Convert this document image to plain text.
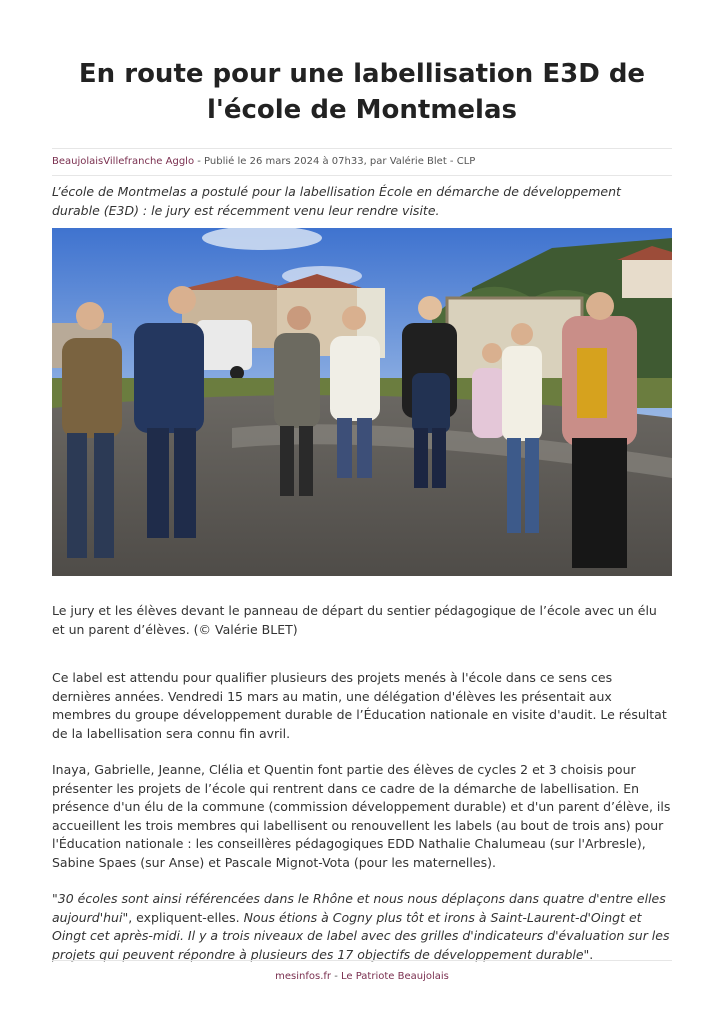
En route pour une labellisation E3D de l'école de Montmelas
BeaujolaisVillefranche Agglo - Publié le 26 mars 2024 à 07h33, par Valérie Blet - CLP

L’école de Montmelas a postulé pour la labellisation École en démarche de développement durable (E3D) : le jury est récemment venu leur rendre visite.

Le jury et les élèves devant le panneau de départ du sentier pédagogique de l’école avec un élu et un parent d’élèves. (© Valérie BLET)

Ce label est attendu pour qualifier plusieurs des projets menés à l'école dans ce sens ces dernières années. Vendredi 15 mars au matin, une délégation d'élèves les présentait aux membres du groupe développement durable de l’Éducation nationale en visite d'audit. Le résultat de la labellisation sera connu fin avril.

Inaya, Gabrielle, Jeanne, Clélia et Quentin font partie des élèves de cycles 2 et 3 choisis pour présenter les projets de l’école qui rentrent dans ce cadre de la démarche de labellisation. En présence d'un élu de la commune (commission développement durable) et d'un parent d’élève, ils accueillent les trois membres qui labellisent ou renouvellent les labels (au bout de trois ans) pour l'Éducation nationale : les conseillères pédagogiques EDD Nathalie Chalumeau (sur l'Arbresle), Sabine Spaes (sur Anse) et Pascale Mignot-Vota (pour les maternelles).

"30 écoles sont ainsi référencées dans le Rhône et nous nous déplaçons dans quatre d'entre elles aujourd'hui", expliquent-elles. Nous étions à Cogny plus tôt et irons à Saint-Laurent-d'Oingt et Oingt cet après-midi. Il y a trois niveaux de label avec des grilles d'indicateurs d'évaluation sur les projets qui peuvent répondre à plusieurs des 17 objectifs de développement durable".

mesinfos.fr - Le Patriote Beaujolais
